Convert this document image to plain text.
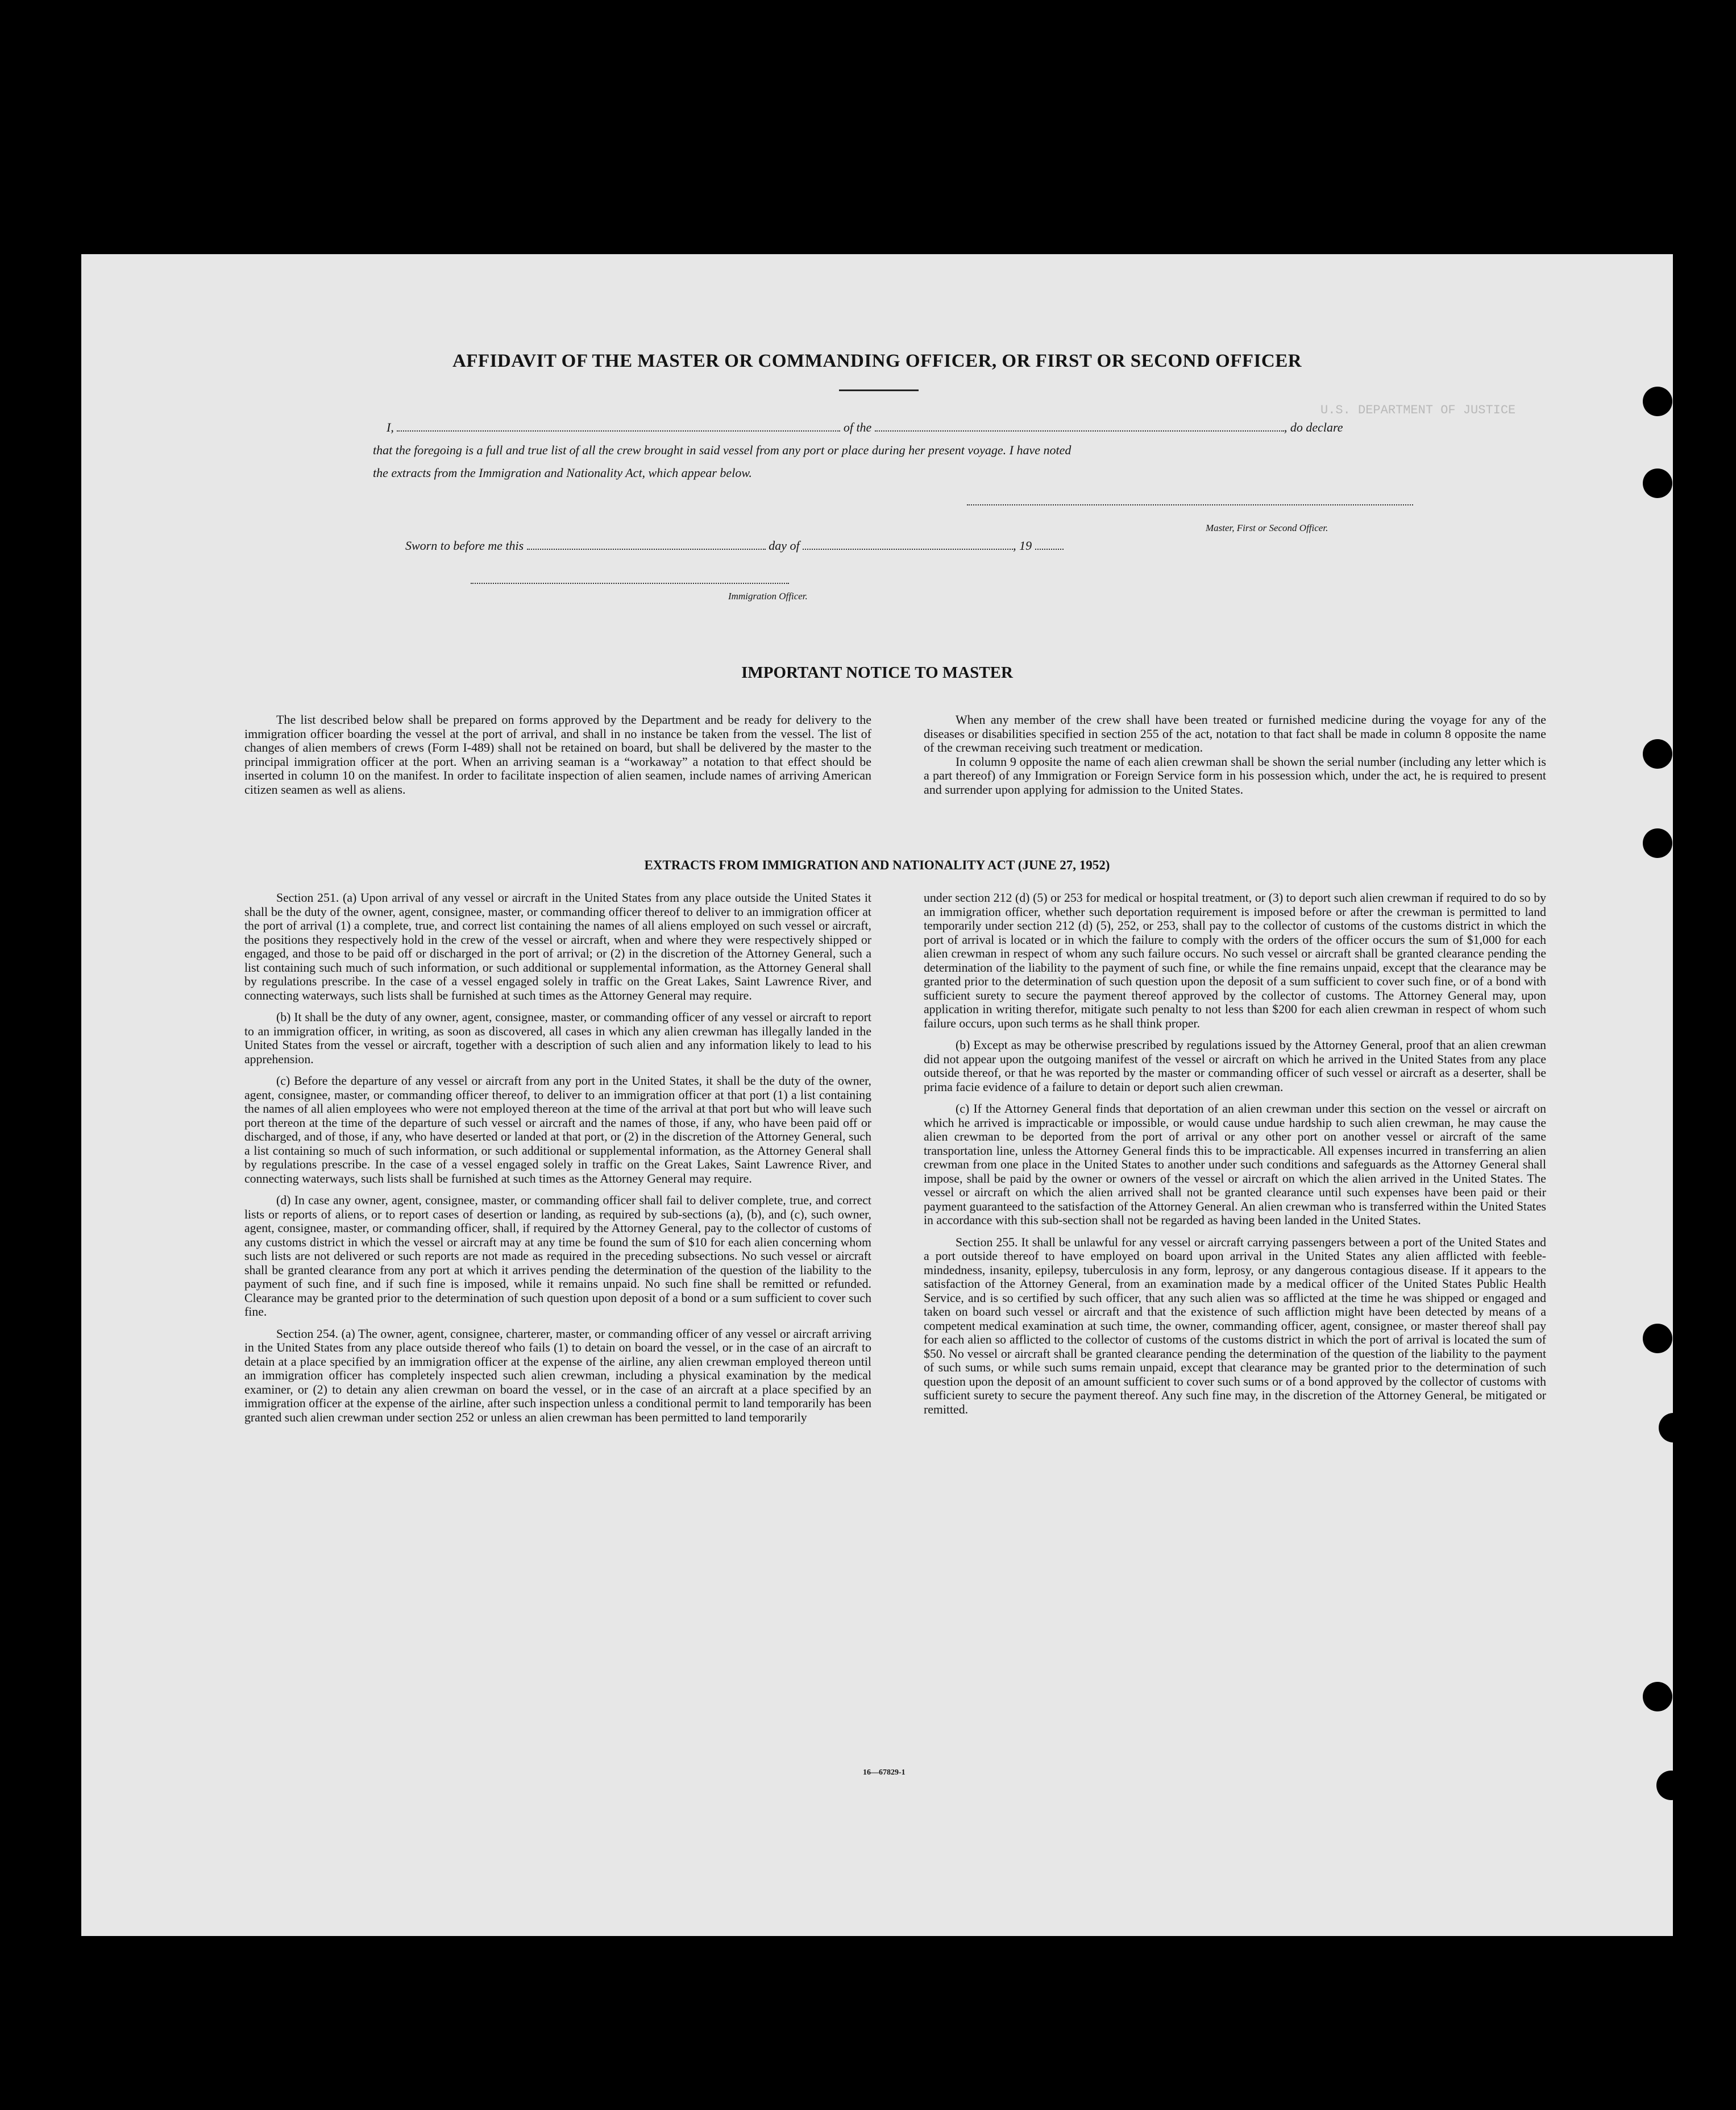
U.S. DEPARTMENT OF JUSTICE
AFFIDAVIT OF THE MASTER OR COMMANDING OFFICER, OR FIRST OR SECOND OFFICER
I,	of the	, do declare
that the foregoing is a full and true list of all the crew brought in said vessel from any port or place during her present voyage. I have noted
the extracts from the Immigration and Nationality Act, which appear below.
Master, First or Second Officer.
Sworn to before me this	day of	, 19
Immigration Officer.
IMPORTANT NOTICE TO MASTER

The list described below shall be prepared on forms approved by the Department and be ready for delivery to the immigration officer boarding the vessel at the port of arrival, and shall in no instance be taken from the vessel. The list of changes of alien members of crews (Form I-489) shall not be retained on board, but shall be delivered by the master to the principal immigration officer at the port. When an arriving seaman is a “workaway” a notation to that effect should be inserted in column 10 on the manifest. In order to facilitate inspection of alien seamen, include names of arriving American citizen seamen as well as aliens.

When any member of the crew shall have been treated or furnished medicine during the voyage for any of the diseases or disabilities specified in section 255 of the act, notation to that fact shall be made in column 8 opposite the name of the crewman receiving such treatment or medication.

In column 9 opposite the name of each alien crewman shall be shown the serial number (including any letter which is a part thereof) of any Immigration or Foreign Service form in his possession which, under the act, he is required to present and surrender upon applying for admission to the United States.

EXTRACTS FROM IMMIGRATION AND NATIONALITY ACT (JUNE 27, 1952)

Section 251. (a) Upon arrival of any vessel or aircraft in the United States from any place outside the United States it shall be the duty of the owner, agent, consignee, master, or commanding officer thereof to deliver to an immigration officer at the port of arrival (1) a complete, true, and correct list containing the names of all aliens employed on such vessel or aircraft, the positions they respectively hold in the crew of the vessel or aircraft, when and where they were respectively shipped or engaged, and those to be paid off or discharged in the port of arrival; or (2) in the discretion of the Attorney General, such a list containing such much of such information, or such additional or supplemental information, as the Attorney General shall by regulations prescribe. In the case of a vessel engaged solely in traffic on the Great Lakes, Saint Lawrence River, and connecting waterways, such lists shall be furnished at such times as the Attorney General may require.

(b) It shall be the duty of any owner, agent, consignee, master, or commanding officer of any vessel or aircraft to report to an immigration officer, in writing, as soon as discovered, all cases in which any alien crewman has illegally landed in the United States from the vessel or aircraft, together with a description of such alien and any information likely to lead to his apprehension.

(c) Before the departure of any vessel or aircraft from any port in the United States, it shall be the duty of the owner, agent, consignee, master, or commanding officer thereof, to deliver to an immigration officer at that port (1) a list containing the names of all alien employees who were not employed thereon at the time of the arrival at that port but who will leave such port thereon at the time of the departure of such vessel or aircraft and the names of those, if any, who have been paid off or discharged, and of those, if any, who have deserted or landed at that port, or (2) in the discretion of the Attorney General, such a list containing so much of such information, or such additional or supplemental information, as the Attorney General shall by regulations prescribe. In the case of a vessel engaged solely in traffic on the Great Lakes, Saint Lawrence River, and connecting waterways, such lists shall be furnished at such times as the Attorney General may require.

(d) In case any owner, agent, consignee, master, or commanding officer shall fail to deliver complete, true, and correct lists or reports of aliens, or to report cases of desertion or landing, as required by sub-sections (a), (b), and (c), such owner, agent, consignee, master, or commanding officer, shall, if required by the Attorney General, pay to the collector of customs of any customs district in which the vessel or aircraft may at any time be found the sum of $10 for each alien concerning whom such lists are not delivered or such reports are not made as required in the preceding subsections. No such vessel or aircraft shall be granted clearance from any port at which it arrives pending the determination of the question of the liability to the payment of such fine, and if such fine is imposed, while it remains unpaid. No such fine shall be remitted or refunded. Clearance may be granted prior to the determination of such question upon deposit of a bond or a sum sufficient to cover such fine.

Section 254. (a) The owner, agent, consignee, charterer, master, or commanding officer of any vessel or aircraft arriving in the United States from any place outside thereof who fails (1) to detain on board the vessel, or in the case of an aircraft to detain at a place specified by an immigration officer at the expense of the airline, any alien crewman employed thereon until an immigration officer has completely inspected such alien crewman, including a physical examination by the medical examiner, or (2) to detain any alien crewman on board the vessel, or in the case of an aircraft at a place specified by an immigration officer at the expense of the airline, after such inspection unless a conditional permit to land temporarily has been granted such alien crewman under section 252 or unless an alien crewman has been permitted to land temporarily

under section 212 (d) (5) or 253 for medical or hospital treatment, or (3) to deport such alien crewman if required to do so by an immigration officer, whether such deportation requirement is imposed before or after the crewman is permitted to land temporarily under section 212 (d) (5), 252, or 253, shall pay to the collector of customs of the customs district in which the port of arrival is located or in which the failure to comply with the orders of the officer occurs the sum of $1,000 for each alien crewman in respect of whom any such failure occurs. No such vessel or aircraft shall be granted clearance pending the determination of the liability to the payment of such fine, or while the fine remains unpaid, except that the clearance may be granted prior to the determination of such question upon the deposit of a sum sufficient to cover such fine, or of a bond with sufficient surety to secure the payment thereof approved by the collector of customs. The Attorney General may, upon application in writing therefor, mitigate such penalty to not less than $200 for each alien crewman in respect of whom such failure occurs, upon such terms as he shall think proper.

(b) Except as may be otherwise prescribed by regulations issued by the Attorney General, proof that an alien crewman did not appear upon the outgoing manifest of the vessel or aircraft on which he arrived in the United States from any place outside thereof, or that he was reported by the master or commanding officer of such vessel or aircraft as a deserter, shall be prima facie evidence of a failure to detain or deport such alien crewman.

(c) If the Attorney General finds that deportation of an alien crewman under this section on the vessel or aircraft on which he arrived is impracticable or impossible, or would cause undue hardship to such alien crewman, he may cause the alien crewman to be deported from the port of arrival or any other port on another vessel or aircraft of the same transportation line, unless the Attorney General finds this to be impracticable. All expenses incurred in transferring an alien crewman from one place in the United States to another under such conditions and safeguards as the Attorney General shall impose, shall be paid by the owner or owners of the vessel or aircraft on which the alien arrived in the United States. The vessel or aircraft on which the alien arrived shall not be granted clearance until such expenses have been paid or their payment guaranteed to the satisfaction of the Attorney General. An alien crewman who is transferred within the United States in accordance with this sub-section shall not be regarded as having been landed in the United States.

Section 255. It shall be unlawful for any vessel or aircraft carrying passengers between a port of the United States and a port outside thereof to have employed on board upon arrival in the United States any alien afflicted with feeble-mindedness, insanity, epilepsy, tuberculosis in any form, leprosy, or any dangerous contagious disease. If it appears to the satisfaction of the Attorney General, from an examination made by a medical officer of the United States Public Health Service, and is so certified by such officer, that any such alien was so afflicted at the time he was shipped or engaged and taken on board such vessel or aircraft and that the existence of such affliction might have been detected by means of a competent medical examination at such time, the owner, commanding officer, agent, consignee, or master thereof shall pay for each alien so afflicted to the collector of customs of the customs district in which the port of arrival is located the sum of $50. No vessel or aircraft shall be granted clearance pending the determination of the question of the liability to the payment of such sums, or while such sums remain unpaid, except that clearance may be granted prior to the determination of such question upon the deposit of an amount sufficient to cover such sums or of a bond approved by the collector of customs with sufficient surety to secure the payment thereof. Any such fine may, in the discretion of the Attorney General, be mitigated or remitted.

16—67829-1
